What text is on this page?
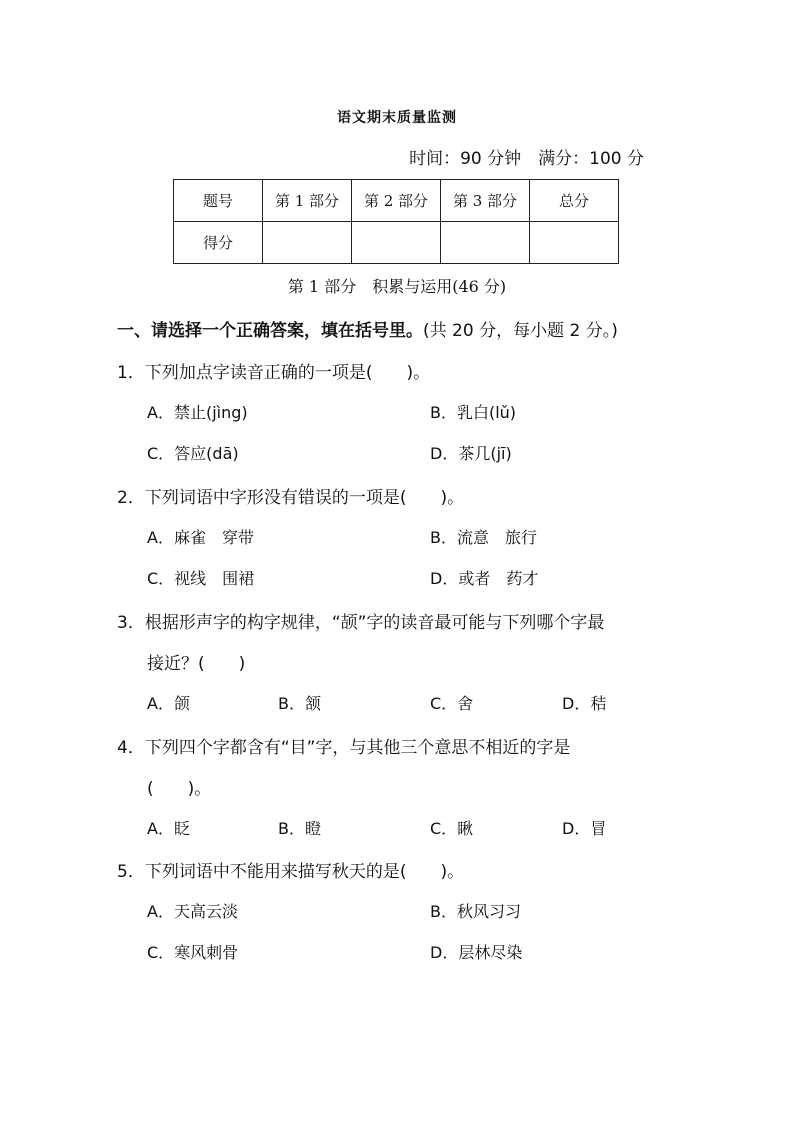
语文期末质量监测
时间：90 分钟　满分：100 分
题号	第 1 部分	第 2 部分	第 3 部分	总分
得分				
第 1 部分　积累与运用(46 分)
一、请选择一个正确答案，填在括号里。(共 20 分，每小题 2 分。)
1．下列加点字读音正确的一项是(　　)。
A．禁止(jìng)	B．乳白(lǔ)
C．答应(dā)	D．茶几(jī)
2．下列词语中字形没有错误的一项是(　　)。
A．麻雀　穿带	B．流意　旅行
C．视线　围裙	D．或者　药才
3．根据形声字的构字规律，“颉”字的读音最可能与下列哪个字最
接近？(　　)
A．颌	B．颔	C．舍	D．秸
4．下列四个字都含有“目”字，与其他三个意思不相近的字是
(　　)。
A．眨	B．瞪	C．瞅	D．冒
5．下列词语中不能用来描写秋天的是(　　)。
A．天高云淡	B．秋风习习
C．寒风刺骨	D．层林尽染
